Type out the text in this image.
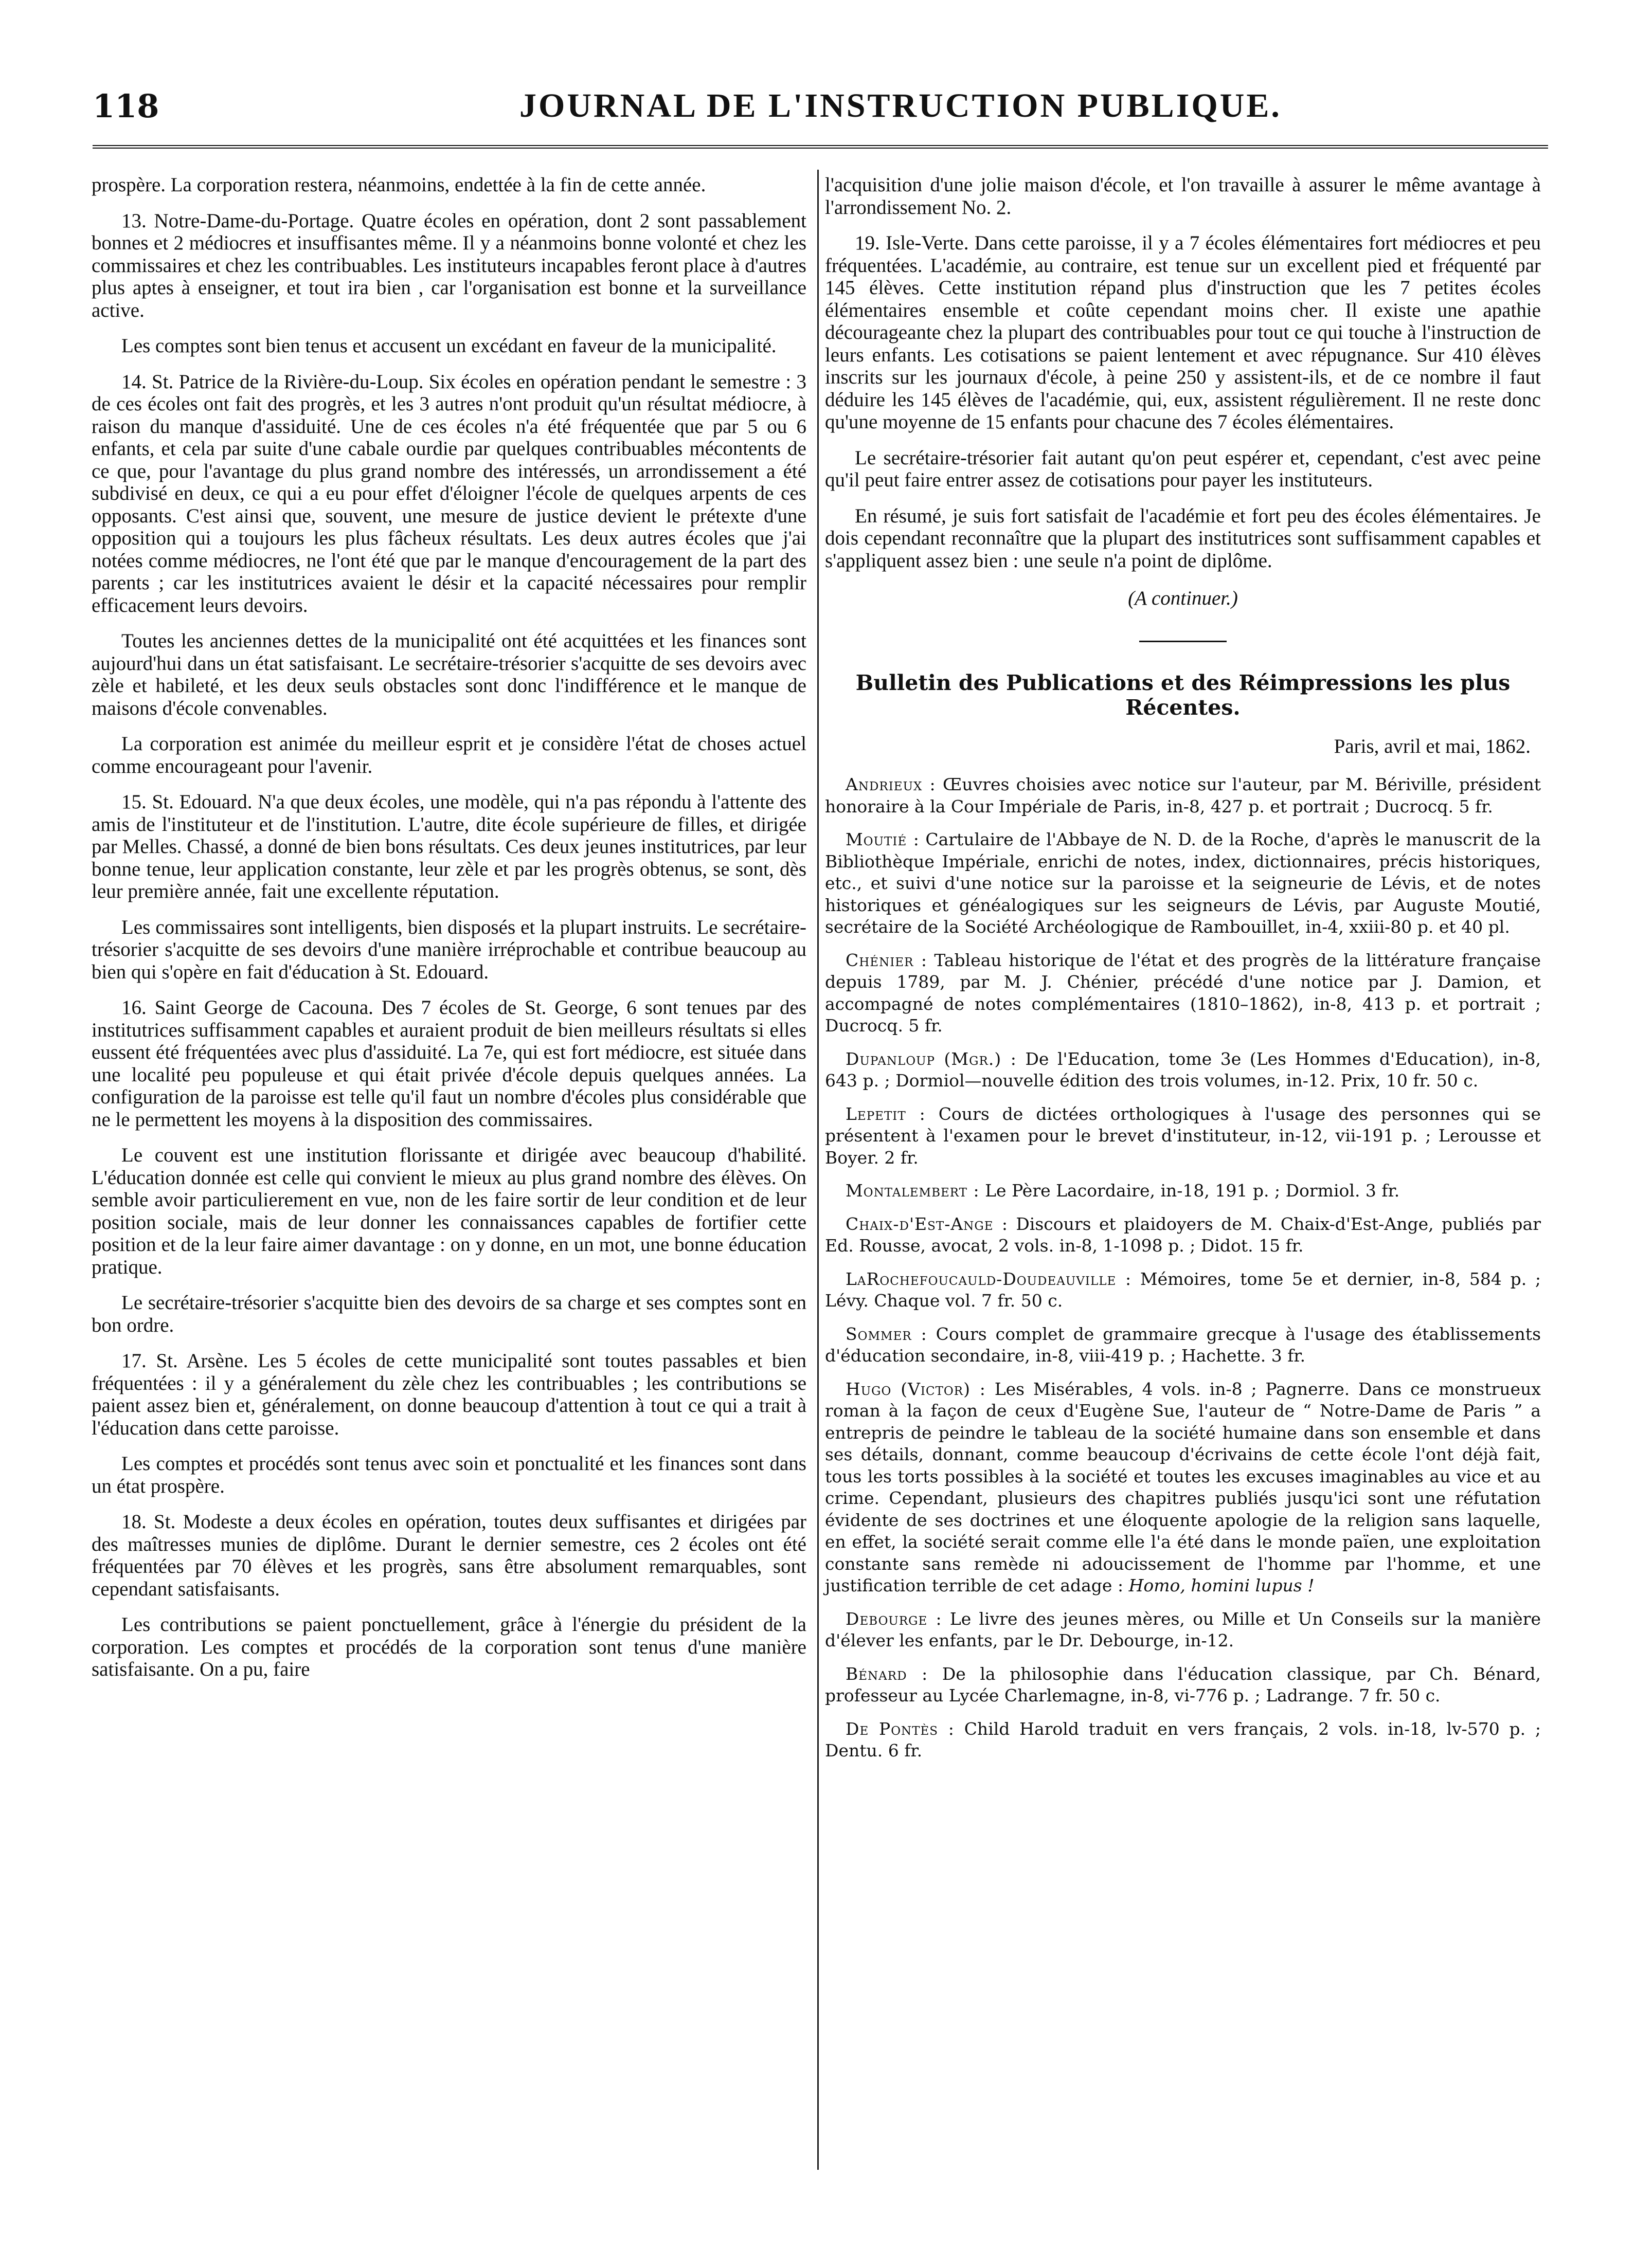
118	JOURNAL DE L'INSTRUCTION PUBLIQUE.

prospère. La corporation restera, néanmoins, endettée à la fin de cette année.

13. Notre-Dame-du-Portage. Quatre écoles en opération, dont 2 sont passablement bonnes et 2 médiocres et insuffisantes même. Il y a néanmoins bonne volonté et chez les commissaires et chez les contribuables. Les instituteurs incapables feront place à d'autres plus aptes à enseigner, et tout ira bien , car l'organisation est bonne et la surveillance active.

Les comptes sont bien tenus et accusent un excédant en faveur de la municipalité.

14. St. Patrice de la Rivière-du-Loup. Six écoles en opération pendant le semestre : 3 de ces écoles ont fait des progrès, et les 3 autres n'ont produit qu'un résultat médiocre, à raison du manque d'assiduité. Une de ces écoles n'a été fréquentée que par 5 ou 6 enfants, et cela par suite d'une cabale ourdie par quelques contribuables mécontents de ce que, pour l'avantage du plus grand nombre des intéressés, un arrondissement a été subdivisé en deux, ce qui a eu pour effet d'éloigner l'école de quelques arpents de ces opposants. C'est ainsi que, souvent, une mesure de justice devient le prétexte d'une opposition qui a toujours les plus fâcheux résultats. Les deux autres écoles que j'ai notées comme médiocres, ne l'ont été que par le manque d'encouragement de la part des parents ; car les institutrices avaient le désir et la capacité nécessaires pour remplir efficacement leurs devoirs.

Toutes les anciennes dettes de la municipalité ont été acquittées et les finances sont aujourd'hui dans un état satisfaisant. Le secrétaire-trésorier s'acquitte de ses devoirs avec zèle et habileté, et les deux seuls obstacles sont donc l'indifférence et le manque de maisons d'école convenables.

La corporation est animée du meilleur esprit et je considère l'état de choses actuel comme encourageant pour l'avenir.

15. St. Edouard. N'a que deux écoles, une modèle, qui n'a pas répondu à l'attente des amis de l'instituteur et de l'institution. L'autre, dite école supérieure de filles, et dirigée par Melles. Chassé, a donné de bien bons résultats. Ces deux jeunes institutrices, par leur bonne tenue, leur application constante, leur zèle et par les progrès obtenus, se sont, dès leur première année, fait une excellente réputation.

Les commissaires sont intelligents, bien disposés et la plupart instruits. Le secrétaire-trésorier s'acquitte de ses devoirs d'une manière irréprochable et contribue beaucoup au bien qui s'opère en fait d'éducation à St. Edouard.

16. Saint George de Cacouna. Des 7 écoles de St. George, 6 sont tenues par des institutrices suffisamment capables et auraient produit de bien meilleurs résultats si elles eussent été fréquentées avec plus d'assiduité. La 7e, qui est fort médiocre, est située dans une localité peu populeuse et qui était privée d'école depuis quelques années. La configuration de la paroisse est telle qu'il faut un nombre d'écoles plus considérable que ne le permettent les moyens à la disposition des commissaires.

Le couvent est une institution florissante et dirigée avec beaucoup d'habilité. L'éducation donnée est celle qui convient le mieux au plus grand nombre des élèves. On semble avoir particulierement en vue, non de les faire sortir de leur condition et de leur position sociale, mais de leur donner les connaissances capables de fortifier cette position et de la leur faire aimer davantage : on y donne, en un mot, une bonne éducation pratique.

Le secrétaire-trésorier s'acquitte bien des devoirs de sa charge et ses comptes sont en bon ordre.

17. St. Arsène. Les 5 écoles de cette municipalité sont toutes passables et bien fréquentées : il y a généralement du zèle chez les contribuables ; les contributions se paient assez bien et, généralement, on donne beaucoup d'attention à tout ce qui a trait à l'éducation dans cette paroisse.

Les comptes et procédés sont tenus avec soin et ponctualité et les finances sont dans un état prospère.

18. St. Modeste a deux écoles en opération, toutes deux suffisantes et dirigées par des maîtresses munies de diplôme. Durant le dernier semestre, ces 2 écoles ont été fréquentées par 70 élèves et les progrès, sans être absolument remarquables, sont cependant satisfaisants.

Les contributions se paient ponctuellement, grâce à l'énergie du président de la corporation. Les comptes et procédés de la corporation sont tenus d'une manière satisfaisante. On a pu, faire

l'acquisition d'une jolie maison d'école, et l'on travaille à assurer le même avantage à l'arrondissement No. 2.

19. Isle-Verte. Dans cette paroisse, il y a 7 écoles élémentaires fort médiocres et peu fréquentées. L'académie, au contraire, est tenue sur un excellent pied et fréquenté par 145 élèves. Cette institution répand plus d'instruction que les 7 petites écoles élémentaires ensemble et coûte cependant moins cher. Il existe une apathie décourageante chez la plupart des contribuables pour tout ce qui touche à l'instruction de leurs enfants. Les cotisations se paient lentement et avec répugnance. Sur 410 élèves inscrits sur les journaux d'école, à peine 250 y assistent-ils, et de ce nombre il faut déduire les 145 élèves de l'académie, qui, eux, assistent régulièrement. Il ne reste donc qu'une moyenne de 15 enfants pour chacune des 7 écoles élémentaires.

Le secrétaire-trésorier fait autant qu'on peut espérer et, cependant, c'est avec peine qu'il peut faire entrer assez de cotisations pour payer les instituteurs.

En résumé, je suis fort satisfait de l'académie et fort peu des écoles élémentaires. Je dois cependant reconnaître que la plupart des institutrices sont suffisamment capables et s'appliquent assez bien : une seule n'a point de diplôme.

(A continuer.)
Bulletin des Publications et des Réimpressions les plus Récentes.
Paris, avril et mai, 1862.
Andrieux : Œuvres choisies avec notice sur l'auteur, par M. Bériville, président honoraire à la Cour Impériale de Paris, in-8, 427 p. et portrait ; Ducrocq. 5 fr.
Moutié : Cartulaire de l'Abbaye de N. D. de la Roche, d'après le manuscrit de la Bibliothèque Impériale, enrichi de notes, index, dictionnaires, précis historiques, etc., et suivi d'une notice sur la paroisse et la seigneurie de Lévis, et de notes historiques et généalogiques sur les seigneurs de Lévis, par Auguste Moutié, secrétaire de la Société Archéologique de Rambouillet, in-4, xxiii-80 p. et 40 pl.
Chénier : Tableau historique de l'état et des progrès de la littérature française depuis 1789, par M. J. Chénier, précédé d'une notice par J. Damion, et accompagné de notes complémentaires (1810–1862), in-8, 413 p. et portrait ; Ducrocq. 5 fr.
Dupanloup (Mgr.) : De l'Education, tome 3e (Les Hommes d'Education), in-8, 643 p. ; Dormiol—nouvelle édition des trois volumes, in-12. Prix, 10 fr. 50 c.
Lepetit : Cours de dictées orthologiques à l'usage des personnes qui se présentent à l'examen pour le brevet d'instituteur, in-12, vii-191 p. ; Lerousse et Boyer. 2 fr.
Montalembert : Le Père Lacordaire, in-18, 191 p. ; Dormiol. 3 fr.
Chaix-d'Est-Ange : Discours et plaidoyers de M. Chaix-d'Est-Ange, publiés par Ed. Rousse, avocat, 2 vols. in-8, 1-1098 p. ; Didot. 15 fr.
LaRochefoucauld-Doudeauville : Mémoires, tome 5e et dernier, in-8, 584 p. ; Lévy. Chaque vol. 7 fr. 50 c.
Sommer : Cours complet de grammaire grecque à l'usage des établissements d'éducation secondaire, in-8, viii-419 p. ; Hachette. 3 fr.
Hugo (Victor) : Les Misérables, 4 vols. in-8 ; Pagnerre. Dans ce monstrueux roman à la façon de ceux d'Eugène Sue, l'auteur de “ Notre-Dame de Paris ” a entrepris de peindre le tableau de la société humaine dans son ensemble et dans ses détails, donnant, comme beaucoup d'écrivains de cette école l'ont déjà fait, tous les torts possibles à la société et toutes les excuses imaginables au vice et au crime. Cependant, plusieurs des chapitres publiés jusqu'ici sont une réfutation évidente de ses doctrines et une éloquente apologie de la religion sans laquelle, en effet, la société serait comme elle l'a été dans le monde païen, une exploitation constante sans remède ni adoucissement de l'homme par l'homme, et une justification terrible de cet adage : Homo, homini lupus !
Debourge : Le livre des jeunes mères, ou Mille et Un Conseils sur la manière d'élever les enfants, par le Dr. Debourge, in-12.
Bénard : De la philosophie dans l'éducation classique, par Ch. Bénard, professeur au Lycée Charlemagne, in-8, vi-776 p. ; Ladrange. 7 fr. 50 c.
De Pontès : Child Harold traduit en vers français, 2 vols. in-18, lv-570 p. ; Dentu. 6 fr.
